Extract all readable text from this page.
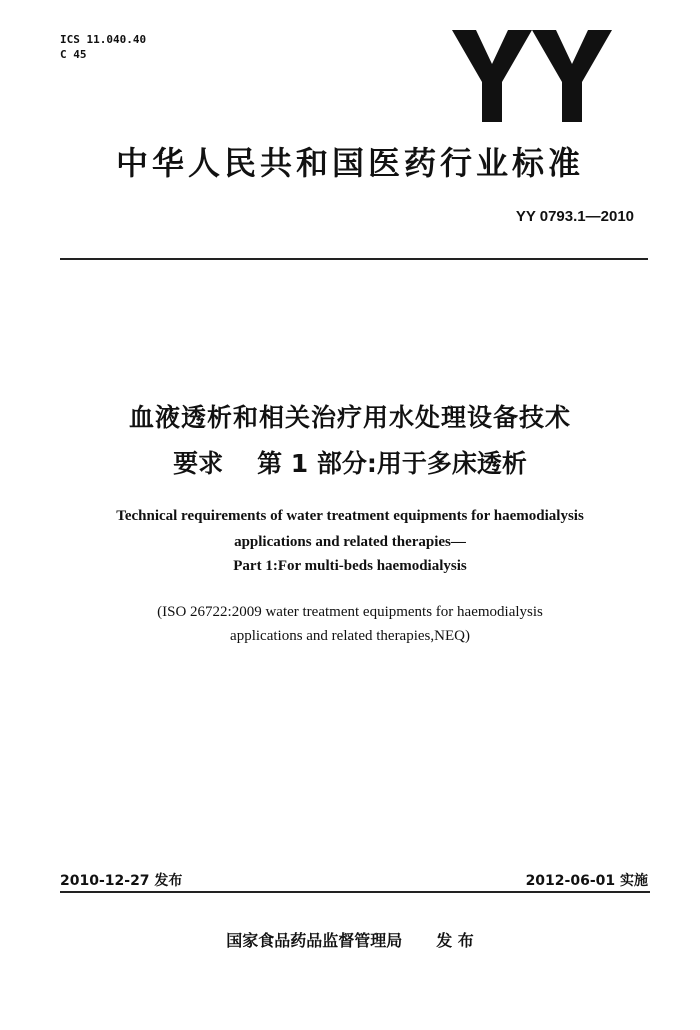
ICS 11.040.40
C 45
中华人民共和国医药行业标准
YY 0793.1—2010
血液透析和相关治疗用水处理设备技术
要求 第 1 部分:用于多床透析
Technical requirements of water treatment equipments for haemodialysis
applications and related therapies—
Part 1:For multi-beds haemodialysis
(ISO 26722:2009 water treatment equipments for haemodialysis
applications and related therapies,NEQ)
2010-12-27 发布	2012-06-01 实施
国家食品药品监督管理局 发 布
